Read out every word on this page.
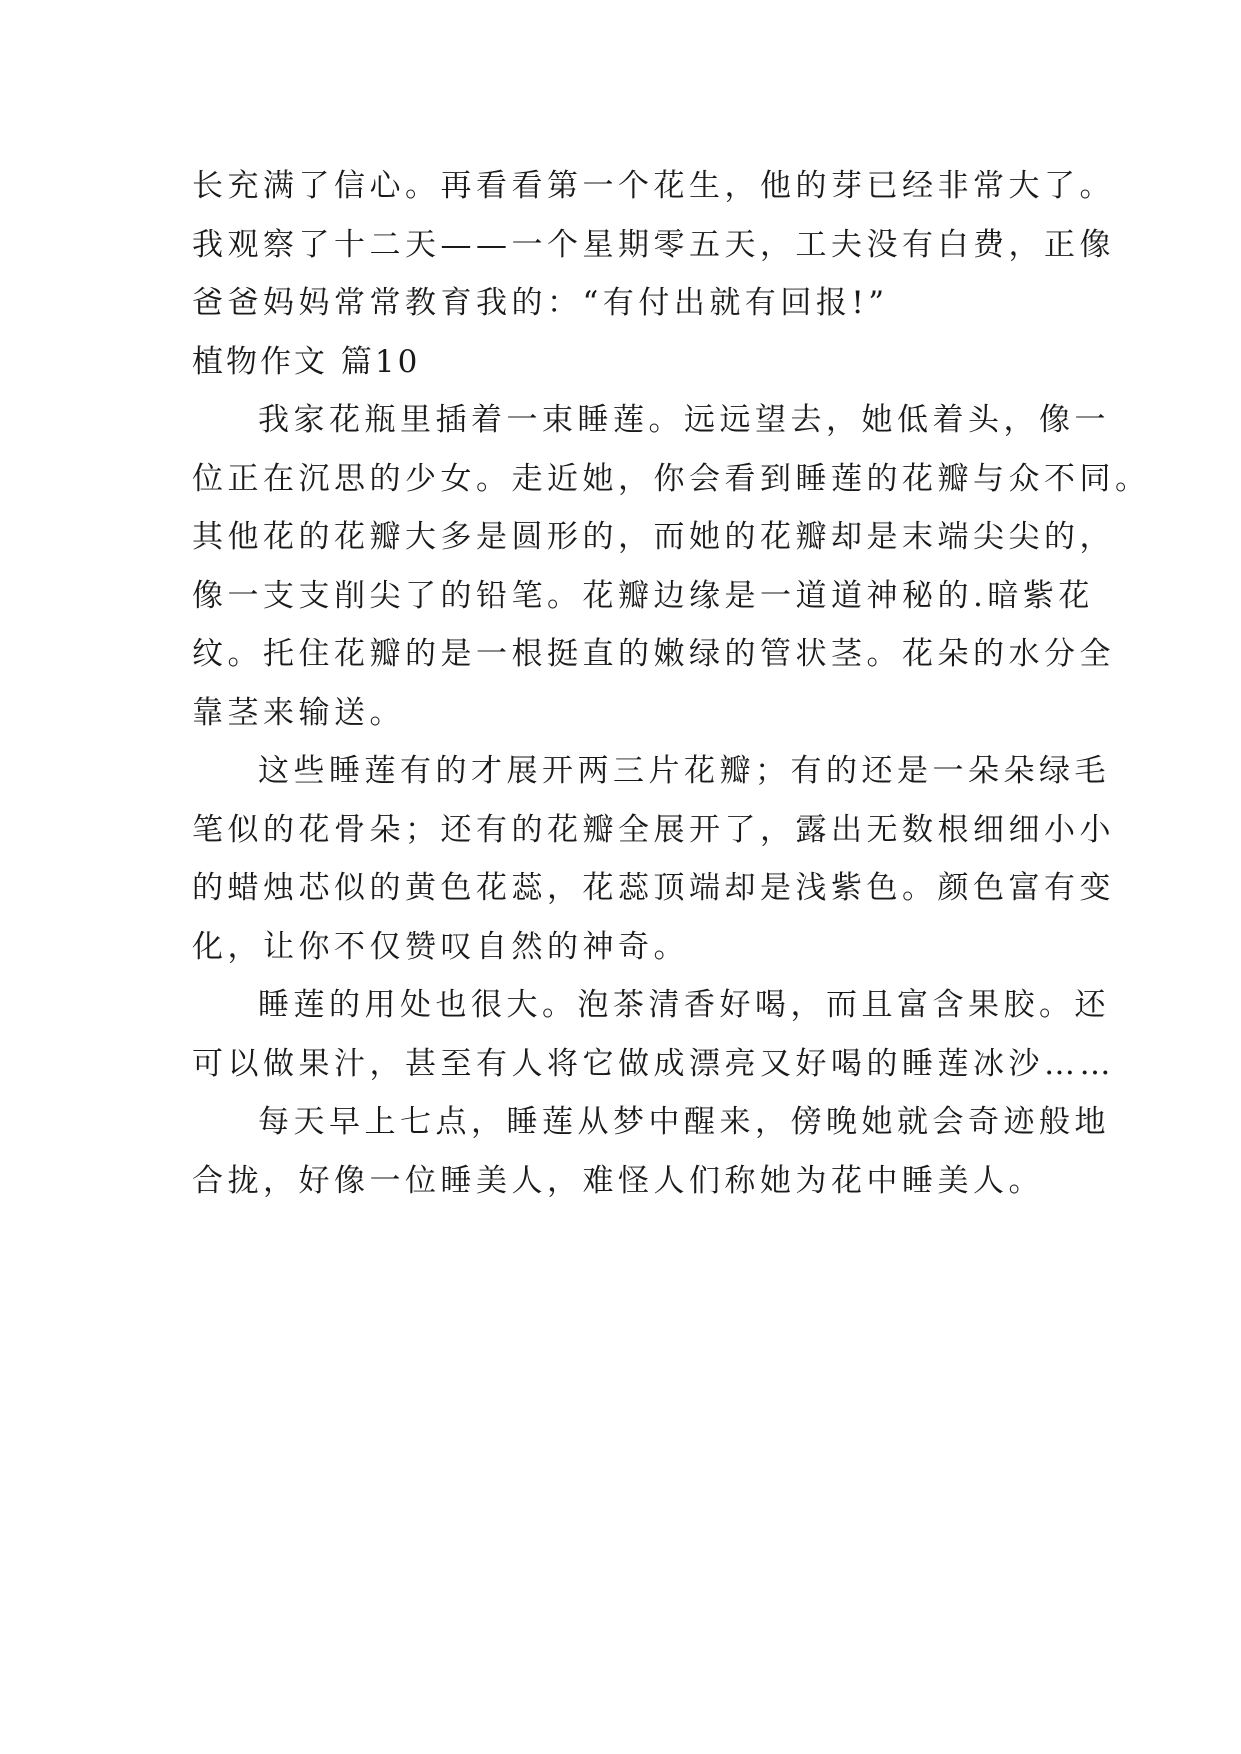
长充满了信心。再看看第一个花生，他的芽已经非常大了。
我观察了十二天——一个星期零五天，工夫没有白费，正像
爸爸妈妈常常教育我的：“有付出就有回报!”
植物作文 篇10
我家花瓶里插着一束睡莲。远远望去，她低着头，像一
位正在沉思的少女。走近她，你会看到睡莲的花瓣与众不同。
其他花的花瓣大多是圆形的，而她的花瓣却是末端尖尖的，
像一支支削尖了的铅笔。花瓣边缘是一道道神秘的.暗紫花
纹。托住花瓣的是一根挺直的嫩绿的管状茎。花朵的水分全
靠茎来输送。
这些睡莲有的才展开两三片花瓣；有的还是一朵朵绿毛
笔似的花骨朵；还有的花瓣全展开了，露出无数根细细小小
的蜡烛芯似的黄色花蕊，花蕊顶端却是浅紫色。颜色富有变
化，让你不仅赞叹自然的神奇。
睡莲的用处也很大。泡茶清香好喝，而且富含果胶。还
可以做果汁，甚至有人将它做成漂亮又好喝的睡莲冰沙……
每天早上七点，睡莲从梦中醒来，傍晚她就会奇迹般地
合拢，好像一位睡美人，难怪人们称她为花中睡美人。
